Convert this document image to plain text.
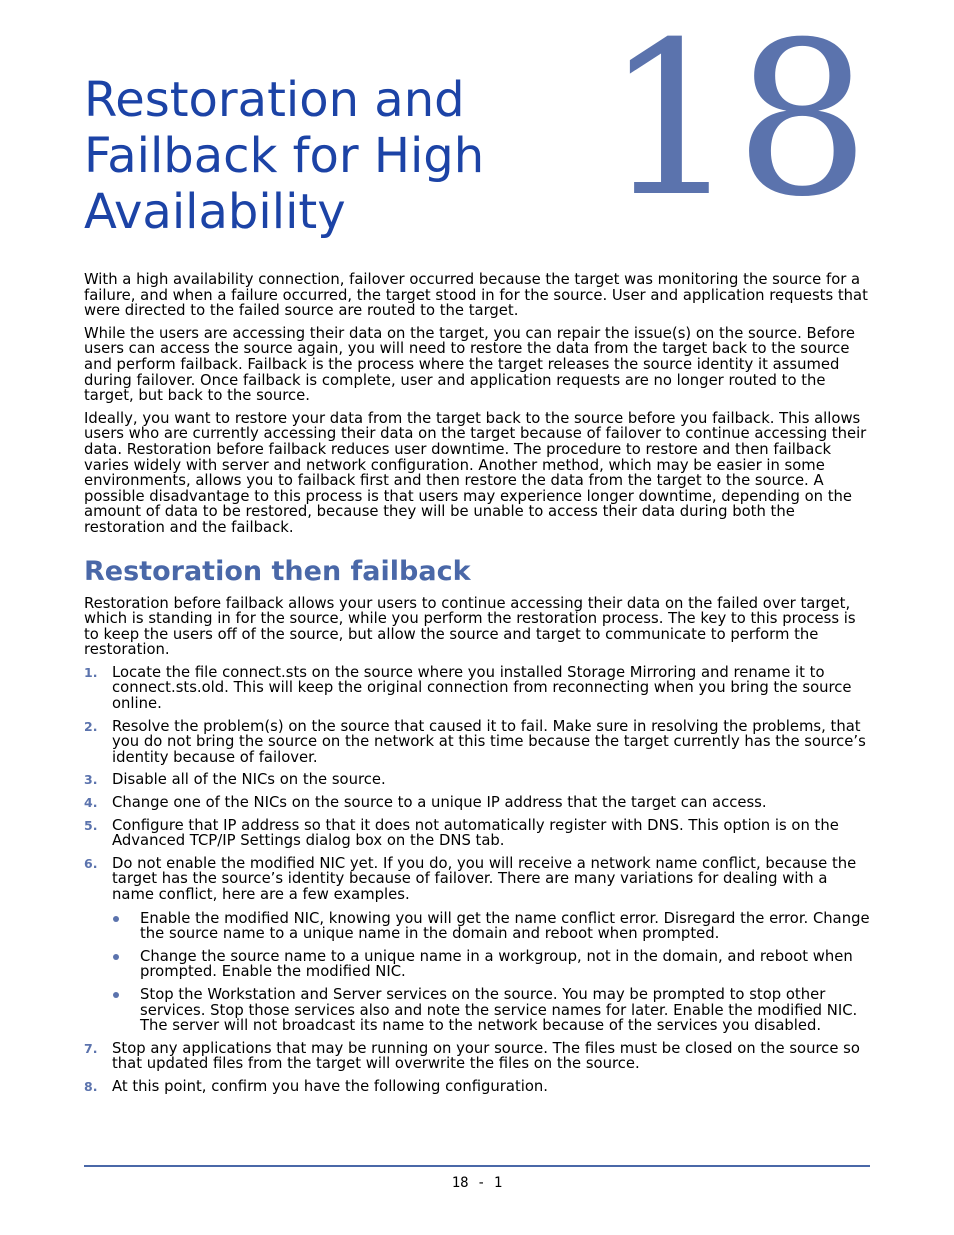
Restoration and Failback for High Availability	18

With a high availability connection, failover occurred because the target was monitoring the source for a failure, and when a failure occurred, the target stood in for the source. User and application requests that were directed to the failed source are routed to the target.

While the users are accessing their data on the target, you can repair the issue(s) on the source. Before users can access the source again, you will need to restore the data from the target back to the source and perform failback. Failback is the process where the target releases the source identity it assumed during failover. Once failback is complete, user and application requests are no longer routed to the target, but back to the source.

Ideally, you want to restore your data from the target back to the source before you failback. This allows users who are currently accessing their data on the target because of failover to continue accessing their data. Restoration before failback reduces user downtime. The procedure to restore and then failback varies widely with server and network configuration. Another method, which may be easier in some environments, allows you to failback first and then restore the data from the target to the source. A possible disadvantage to this process is that users may experience longer downtime, depending on the amount of data to be restored, because they will be unable to access their data during both the restoration and the failback.

Restoration then failback

Restoration before failback allows your users to continue accessing their data on the failed over target, which is standing in for the source, while you perform the restoration process. The key to this process is to keep the users off of the source, but allow the source and target to communicate to perform the restoration.

1. Locate the file connect.sts on the source where you installed Storage Mirroring and rename it to connect.sts.old. This will keep the original connection from reconnecting when you bring the source online.
2. Resolve the problem(s) on the source that caused it to fail. Make sure in resolving the problems, that you do not bring the source on the network at this time because the target currently has the source’s identity because of failover.
3. Disable all of the NICs on the source.
4. Change one of the NICs on the source to a unique IP address that the target can access.
5. Configure that IP address so that it does not automatically register with DNS. This option is on the Advanced TCP/IP Settings dialog box on the DNS tab.
6. Do not enable the modified NIC yet. If you do, you will receive a network name conflict, because the target has the source’s identity because of failover. There are many variations for dealing with a name conflict, here are a few examples.
Enable the modified NIC, knowing you will get the name conflict error. Disregard the error. Change the source name to a unique name in the domain and reboot when prompted.
Change the source name to a unique name in a workgroup, not in the domain, and reboot when prompted. Enable the modified NIC.
Stop the Workstation and Server services on the source. You may be prompted to stop other services. Stop those services also and note the service names for later. Enable the modified NIC. The server will not broadcast its name to the network because of the services you disabled.
7. Stop any applications that may be running on your source. The files must be closed on the source so that updated files from the target will overwrite the files on the source.
8. At this point, confirm you have the following configuration.
18 - 1
